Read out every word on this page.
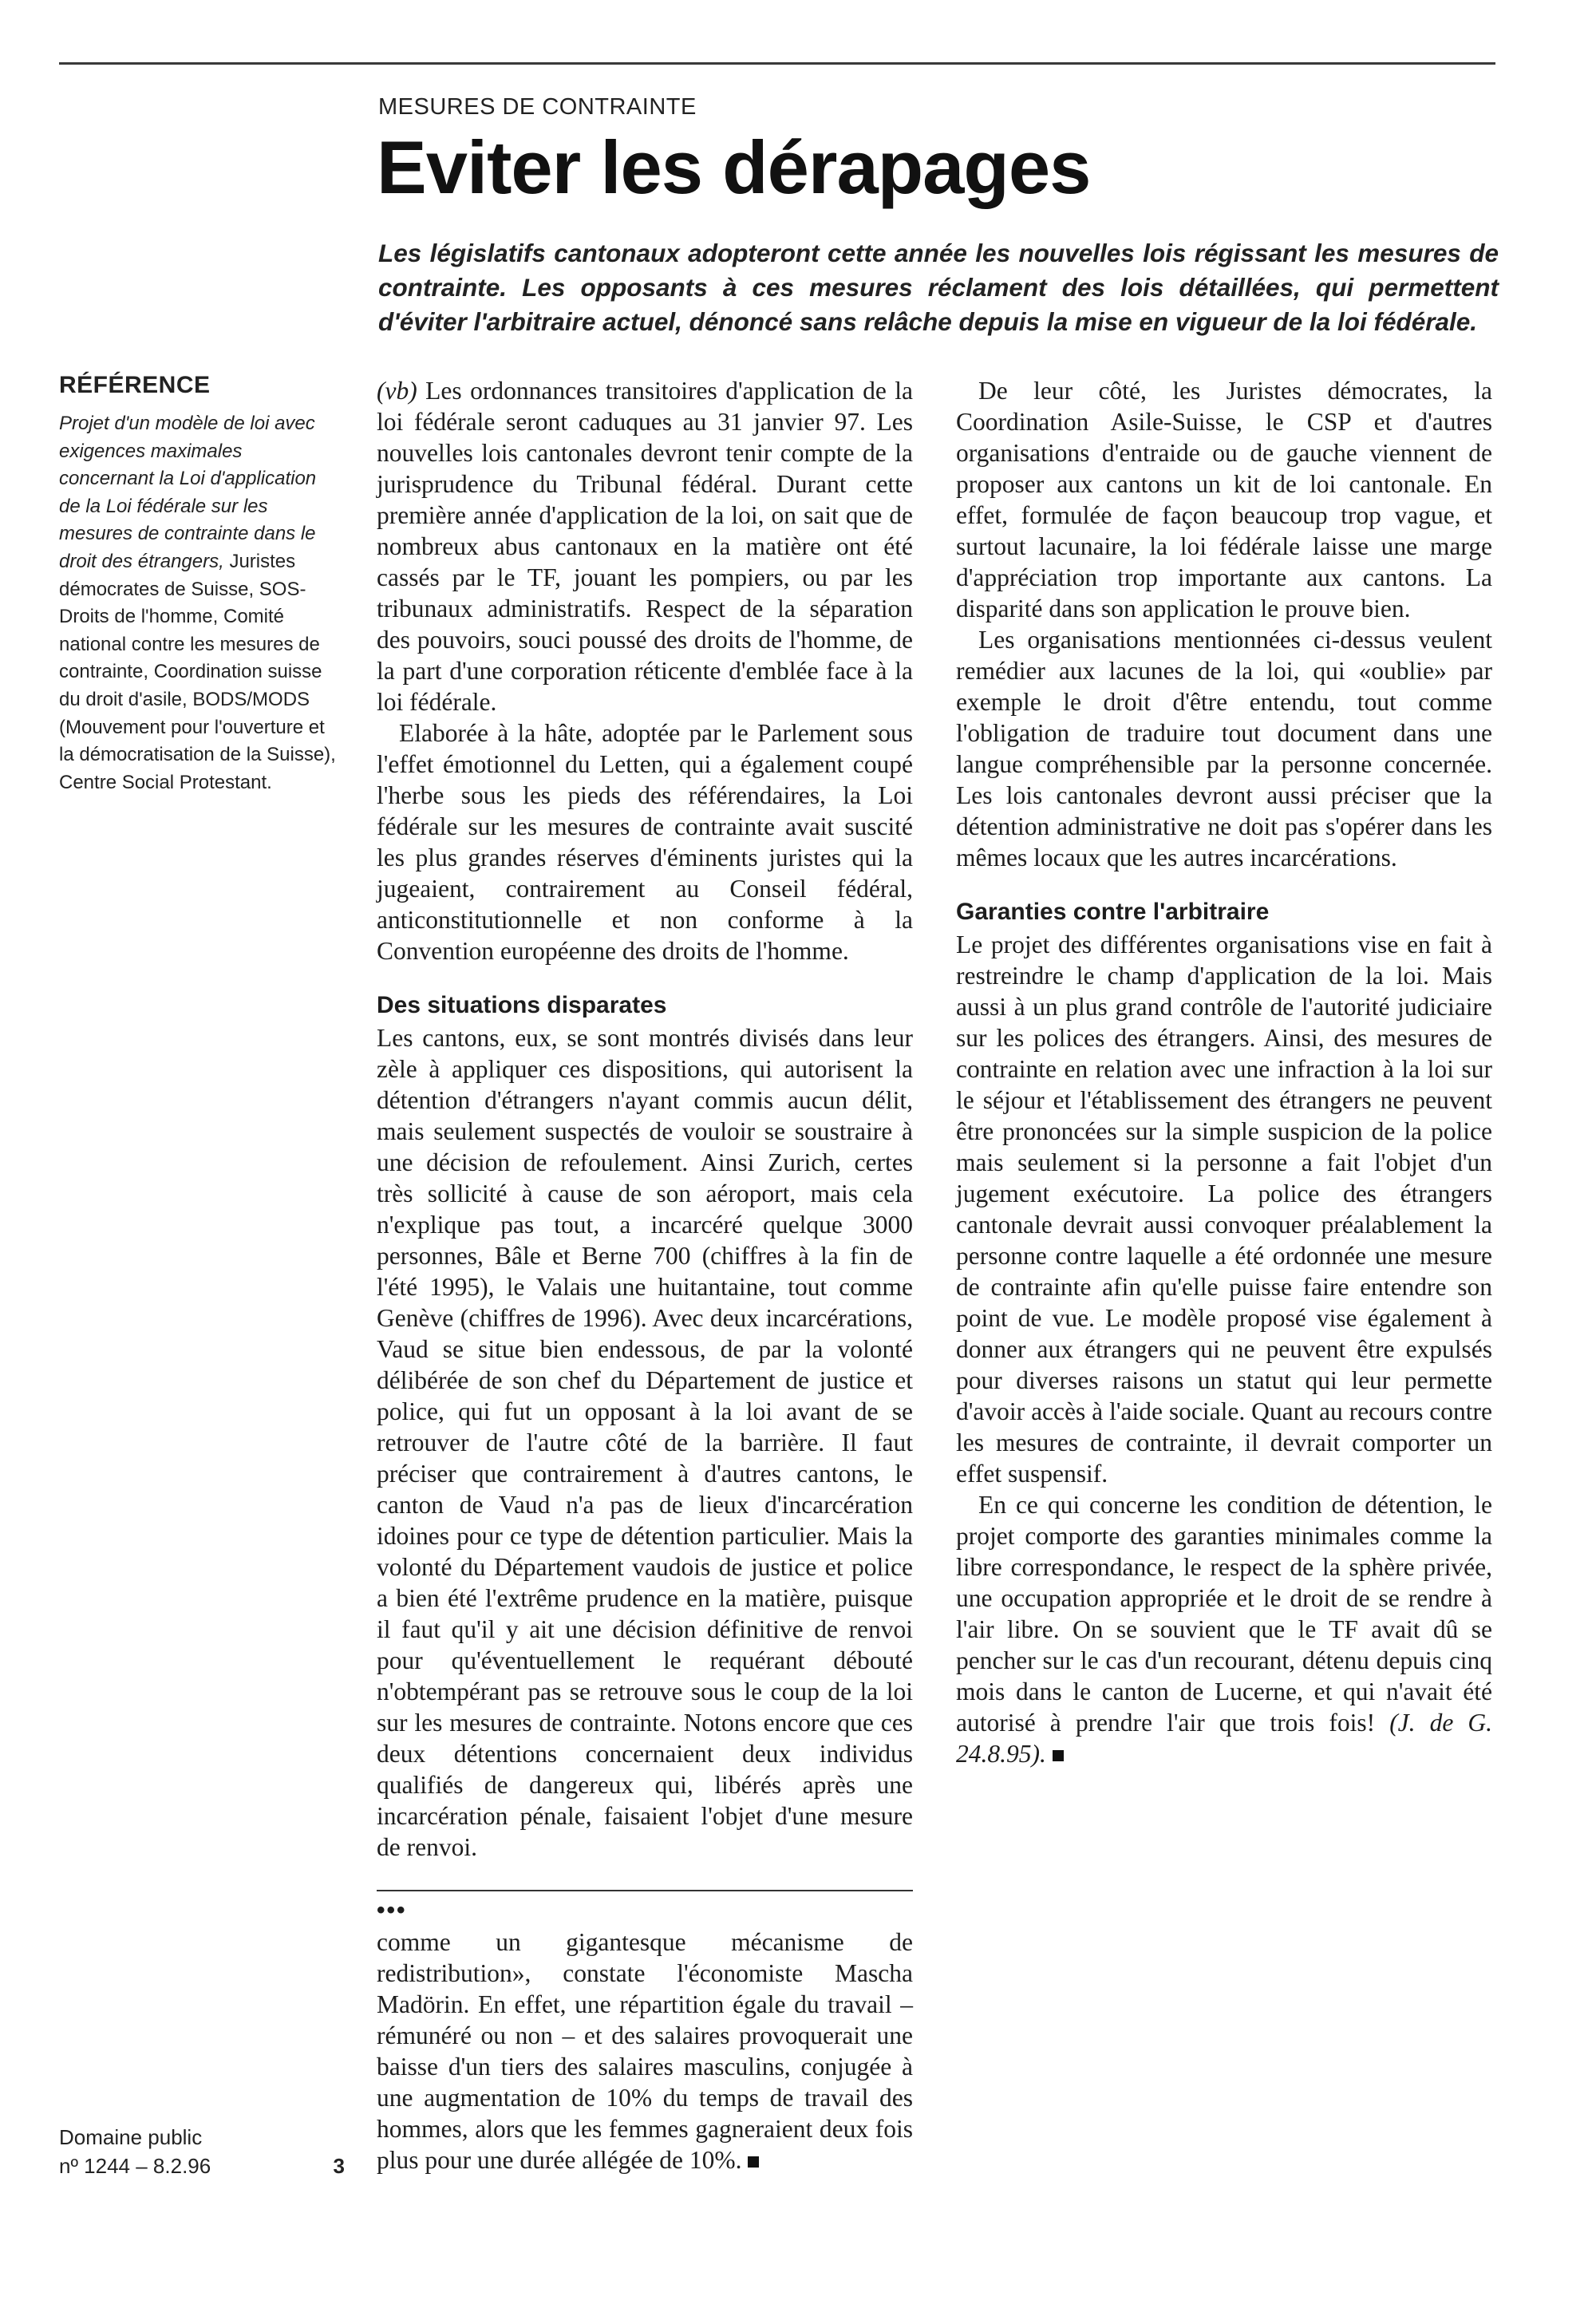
MESURES DE CONTRAINTE
Eviter les dérapages

Les législatifs cantonaux adopteront cette année les nouvelles lois régissant les mesures de contrainte. Les opposants à ces mesures réclament des lois détaillées, qui permettent d'éviter l'arbitraire actuel, dénoncé sans relâche depuis la mise en vigueur de la loi fédérale.

RÉFÉRENCE

Projet d'un modèle de loi avec exigences maximales concernant la Loi d'application de la Loi fédérale sur les mesures de contrainte dans le droit des étrangers, Juristes démocrates de Suisse, SOS-Droits de l'homme, Comité national contre les mesures de contrainte, Coordination suisse du droit d'asile, BODS/MODS (Mouvement pour l'ouverture et la démocratisation de la Suisse), Centre Social Protestant.

Domaine public
nº 1244 – 8.2.96	3

(vb) Les ordonnances transitoires d'application de la loi fédérale seront caduques au 31 janvier 97. Les nouvelles lois cantonales devront tenir compte de la jurisprudence du Tribunal fédéral. Durant cette première année d'application de la loi, on sait que de nombreux abus cantonaux en la matière ont été cassés par le TF, jouant les pompiers, ou par les tribunaux administratifs. Respect de la séparation des pouvoirs, souci poussé des droits de l'homme, de la part d'une corporation réticente d'emblée face à la loi fédérale.

Elaborée à la hâte, adoptée par le Parlement sous l'effet émotionnel du Letten, qui a également coupé l'herbe sous les pieds des référendaires, la Loi fédérale sur les mesures de contrainte avait suscité les plus grandes réserves d'éminents juristes qui la jugeaient, contrairement au Conseil fédéral, anticonstitutionnelle et non conforme à la Convention européenne des droits de l'homme.

Des situations disparates

Les cantons, eux, se sont montrés divisés dans leur zèle à appliquer ces dispositions, qui autorisent la détention d'étrangers n'ayant commis aucun délit, mais seulement suspectés de vouloir se soustraire à une décision de refoulement. Ainsi Zurich, certes très sollicité à cause de son aéroport, mais cela n'explique pas tout, a incarcéré quelque 3000 personnes, Bâle et Berne 700 (chiffres à la fin de l'été 1995), le Valais une huitantaine, tout comme Genève (chiffres de 1996). Avec deux incarcérations, Vaud se situe bien endessous, de par la volonté délibérée de son chef du Département de justice et police, qui fut un opposant à la loi avant de se retrouver de l'autre côté de la barrière. Il faut préciser que contrairement à d'autres cantons, le canton de Vaud n'a pas de lieux d'incarcération idoines pour ce type de détention particulier. Mais la volonté du Département vaudois de justice et police a bien été l'extrême prudence en la matière, puisque il faut qu'il y ait une décision définitive de renvoi pour qu'éventuellement le requérant débouté n'obtempérant pas se retrouve sous le coup de la loi sur les mesures de contrainte. Notons encore que ces deux détentions concernaient deux individus qualifiés de dangereux qui, libérés après une incarcération pénale, faisaient l'objet d'une mesure de renvoi.

•••

comme un gigantesque mécanisme de redistribution», constate l'économiste Mascha Madörin. En effet, une répartition égale du travail – rémunéré ou non – et des salaires provoquerait une baisse d'un tiers des salaires masculins, conjugée à une augmentation de 10% du temps de travail des hommes, alors que les femmes gagneraient deux fois plus pour une durée allégée de 10%.

De leur côté, les Juristes démocrates, la Coordination Asile-Suisse, le CSP et d'autres organisations d'entraide ou de gauche viennent de proposer aux cantons un kit de loi cantonale. En effet, formulée de façon beaucoup trop vague, et surtout lacunaire, la loi fédérale laisse une marge d'appréciation trop importante aux cantons. La disparité dans son application le prouve bien.

Les organisations mentionnées ci-dessus veulent remédier aux lacunes de la loi, qui «oublie» par exemple le droit d'être entendu, tout comme l'obligation de traduire tout document dans une langue compréhensible par la personne concernée. Les lois cantonales devront aussi préciser que la détention administrative ne doit pas s'opérer dans les mêmes locaux que les autres incarcérations.

Garanties contre l'arbitraire

Le projet des différentes organisations vise en fait à restreindre le champ d'application de la loi. Mais aussi à un plus grand contrôle de l'autorité judiciaire sur les polices des étrangers. Ainsi, des mesures de contrainte en relation avec une infraction à la loi sur le séjour et l'établissement des étrangers ne peuvent être prononcées sur la simple suspicion de la police mais seulement si la personne a fait l'objet d'un jugement exécutoire. La police des étrangers cantonale devrait aussi convoquer préalablement la personne contre laquelle a été ordonnée une mesure de contrainte afin qu'elle puisse faire entendre son point de vue. Le modèle proposé vise également à donner aux étrangers qui ne peuvent être expulsés pour diverses raisons un statut qui leur permette d'avoir accès à l'aide sociale. Quant au recours contre les mesures de contrainte, il devrait comporter un effet suspensif.

En ce qui concerne les condition de détention, le projet comporte des garanties minimales comme la libre correspondance, le respect de la sphère privée, une occupation appropriée et le droit de se rendre à l'air libre. On se souvient que le TF avait dû se pencher sur le cas d'un recourant, détenu depuis cinq mois dans le canton de Lucerne, et qui n'avait été autorisé à prendre l'air que trois fois! (J. de G. 24.8.95).
